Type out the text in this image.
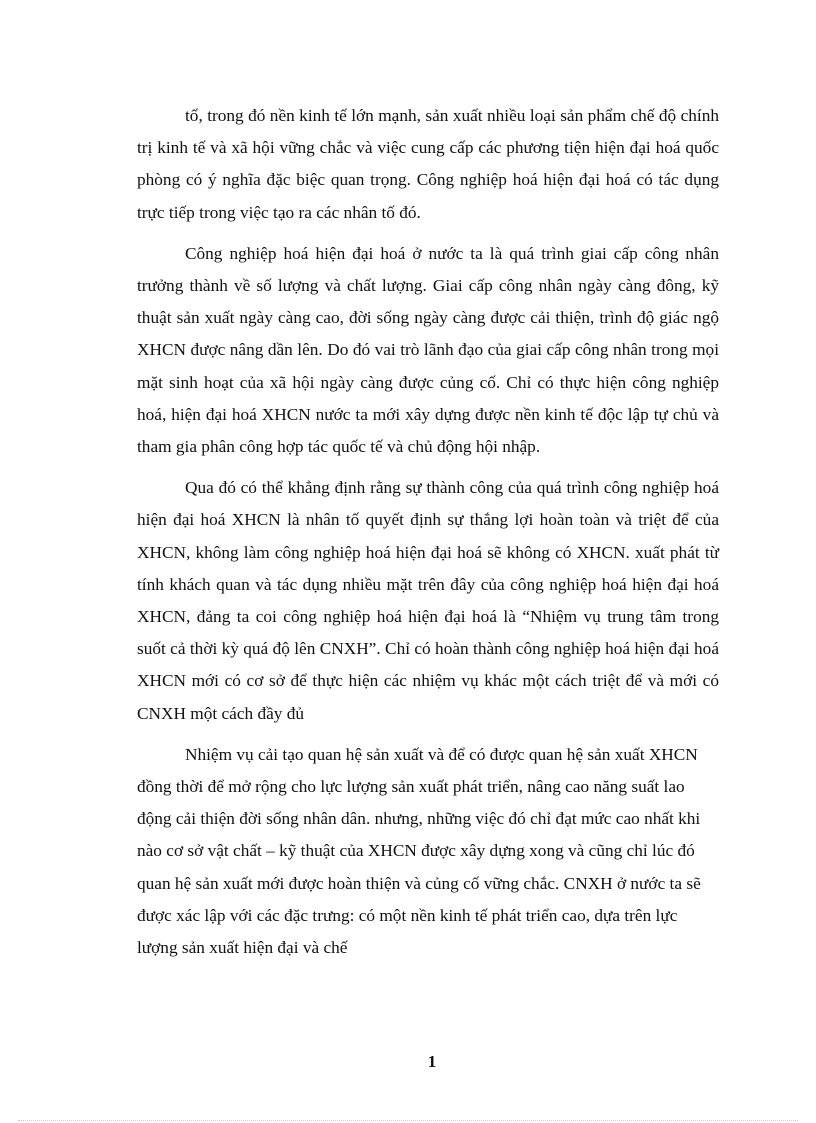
tố, trong đó nền kinh tế lớn mạnh, sản xuất nhiều loại sản phẩm chế độ chính trị kinh tế và xã hội vững chắc và việc cung cấp các phương tiện hiện đại hoá quốc phòng có ý nghĩa đặc biệc quan trọng. Công nghiệp hoá hiện đại hoá có tác dụng trực tiếp trong việc tạo ra các nhân tố đó.

Công nghiệp hoá hiện đại hoá ở nước ta là quá trình giai cấp công nhân trưởng thành về số lượng và chất lượng. Giai cấp công nhân ngày càng đông, kỹ thuật sản xuất ngày càng cao, đời sống ngày càng được cải thiện, trình độ giác ngộ XHCN được nâng dần lên. Do đó vai trò lãnh đạo của giai cấp công nhân trong mọi mặt sinh hoạt của xã hội ngày càng được củng cố. Chỉ có thực hiện công nghiệp hoá, hiện đại hoá XHCN nước ta mới xây dựng được nền kinh tế độc lập tự chủ và tham gia phân công hợp tác quốc tế và chủ động hội nhập.

Qua đó có thể khẳng định rằng sự thành công của quá trình công nghiệp hoá hiện đại hoá XHCN là nhân tố quyết định sự thắng lợi hoàn toàn và triệt để của XHCN, không làm công nghiệp hoá hiện đại hoá sẽ không có XHCN. xuất phát từ tính khách quan và tác dụng nhiều mặt trên đây của công nghiệp hoá hiện đại hoá XHCN, đảng ta coi công nghiệp hoá hiện đại hoá là “Nhiệm vụ trung tâm trong suốt cả thời kỳ quá độ lên CNXH”. Chỉ có hoàn thành công nghiệp hoá hiện đại hoá XHCN mới có cơ sở để thực hiện các nhiệm vụ khác một cách triệt để và mới có CNXH một cách đầy đủ

Nhiệm vụ cải tạo quan hệ sản xuất và để có được quan hệ sản xuất XHCN đồng thời để mở rộng cho lực lượng sản xuất phát triển, nâng cao năng suất lao động cải thiện đời sống nhân dân. nhưng, những việc đó chỉ đạt mức cao nhất khi nào cơ sở vật chất – kỹ thuật của XHCN được xây dựng xong và cũng chỉ lúc đó quan hệ sản xuất mới được hoàn thiện và củng cố vững chắc. CNXH ở nước ta sẽ được xác lập với các đặc trưng: có một nền kinh tế phát triển cao, dựa trên lực lượng sản xuất hiện đại và chế

1
